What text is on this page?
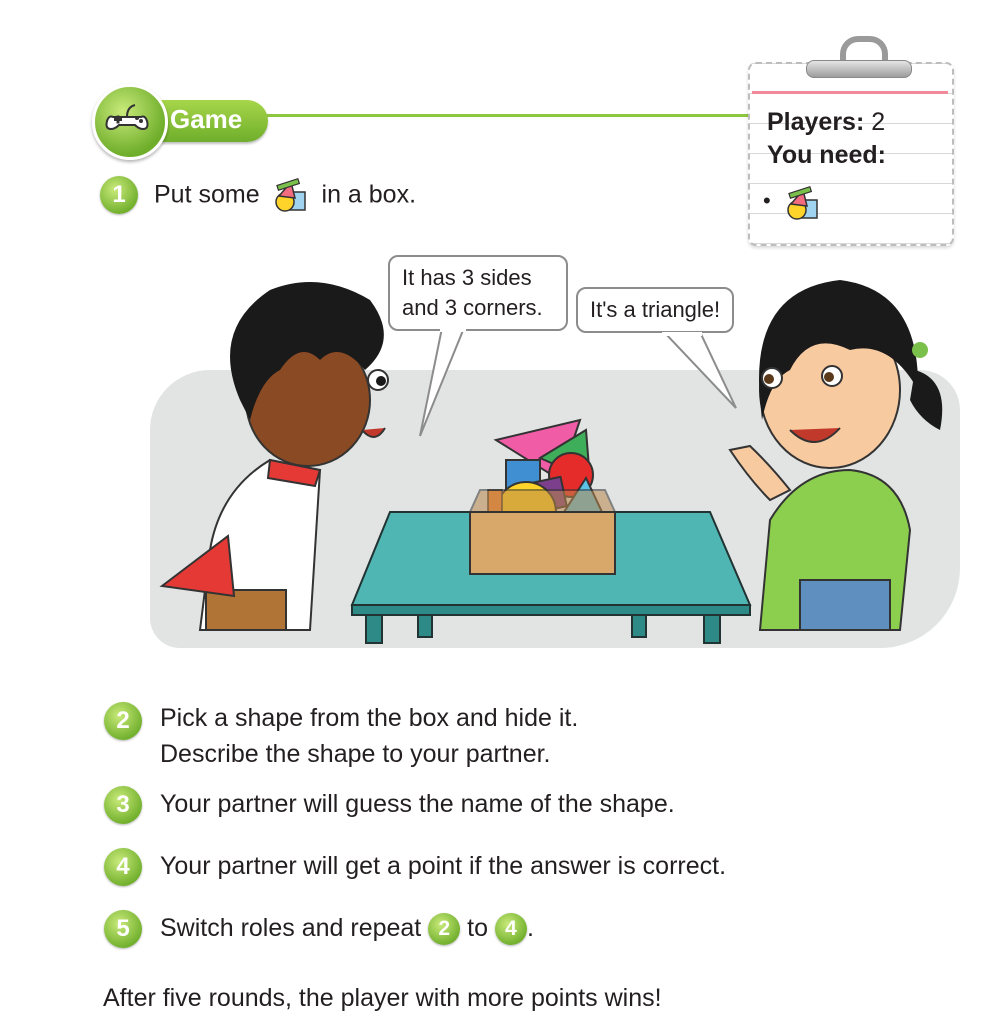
Game	Players: 2
You need:
•
1	Put some in a box.
It has 3 sides
and 3 corners.	It's a triangle!
2	Pick a shape from the box and hide it.
Describe the shape to your partner.
3	Your partner will guess the name of the shape.
4	Your partner will get a point if the answer is correct.
5	Switch roles and repeat 2 to 4 .
After five rounds, the player with more points wins!
